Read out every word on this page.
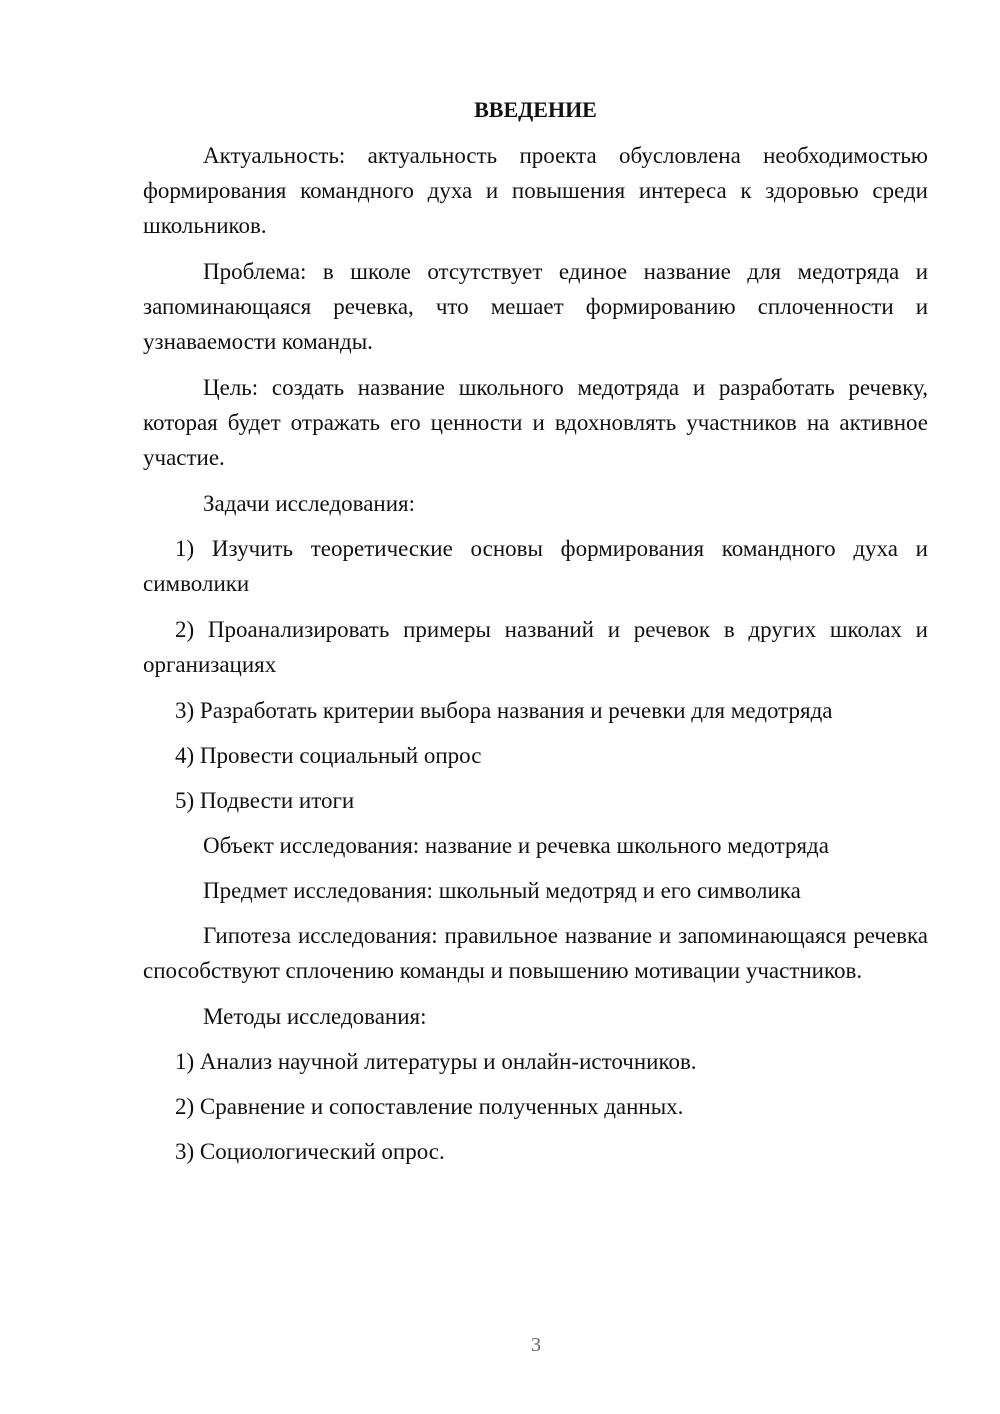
ВВЕДЕНИЕ

Актуальность: актуальность проекта обусловлена необходимостью формирования командного духа и повышения интереса к здоровью среди школьников.

Проблема: в школе отсутствует единое название для медотряда и запоминающаяся речевка, что мешает формированию сплоченности и узнаваемости команды.

Цель: создать название школьного медотряда и разработать речевку, которая будет отражать его ценности и вдохновлять участников на активное участие.

Задачи исследования:

1) Изучить теоретические основы формирования командного духа и символики

2) Проанализировать примеры названий и речевок в других школах и организациях

3) Разработать критерии выбора названия и речевки для медотряда

4) Провести социальный опрос

5) Подвести итоги

Объект исследования: название и речевка школьного медотряда

Предмет исследования: школьный медотряд и его символика

Гипотеза исследования: правильное название и запоминающаяся речевка способствуют сплочению команды и повышению мотивации участников.

Методы исследования:

1) Анализ научной литературы и онлайн-источников.

2) Сравнение и сопоставление полученных данных.

3) Социологический опрос.

3
